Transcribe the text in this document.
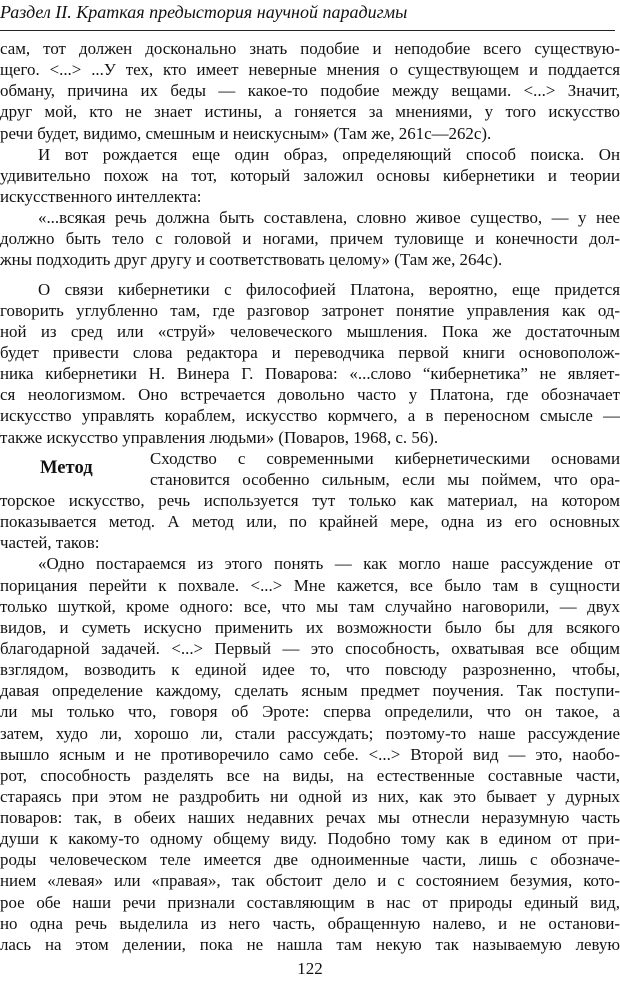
Раздел II. Краткая предыстория научной парадигмы
сам, тот должен досконально знать подобие и неподобие всего существую-
щего. <...> ...У тех, кто имеет неверные мнения о существующем и поддается
обману, причина их беды — какое-то подобие между вещами. <...> Значит,
друг мой, кто не знает истины, а гоняется за мнениями, у того искусство
речи будет, видимо, смешным и неискусным» (Там же, 261с—262с).
И вот рождается еще один образ, определяющий способ поиска. Он
удивительно похож на тот, который заложил основы кибернетики и теории
искусственного интеллекта:
«...всякая речь должна быть составлена, словно живое существо, — у нее
должно быть тело с головой и ногами, причем туловище и конечности дол-
жны подходить друг другу и соответствовать целому» (Там же, 264с).
О связи кибернетики с философией Платона, вероятно, еще придется
говорить углубленно там, где разговор затронет понятие управления как од-
ной из сред или «струй» человеческого мышления. Пока же достаточным
будет привести слова редактора и переводчика первой книги основополож-
ника кибернетики Н. Винера Г. Поварова: «...слово “кибернетика” не являет-
ся неологизмом. Оно встречается довольно часто у Платона, где обозначает
искусство управлять кораблем, искусство кормчего, а в переносном смысле —
также искусство управления людьми» (Поваров, 1968, с. 56).
Метод	Сходство с современными кибернетическими основами
становится особенно сильным, если мы поймем, что ора-
торское искусство, речь используется тут только как материал, на котором
показывается метод. А метод или, по крайней мере, одна из его основных
частей, таков:
«Одно постараемся из этого понять — как могло наше рассуждение от
порицания перейти к похвале. <...> Мне кажется, все было там в сущности
только шуткой, кроме одного: все, что мы там случайно наговорили, — двух
видов, и суметь искусно применить их возможности было бы для всякого
благодарной задачей. <...> Первый — это способность, охватывая все общим
взглядом, возводить к единой идее то, что повсюду разрозненно, чтобы,
давая определение каждому, сделать ясным предмет поучения. Так поступи-
ли мы только что, говоря об Эроте: сперва определили, что он такое, а
затем, худо ли, хорошо ли, стали рассуждать; поэтому-то наше рассуждение
вышло ясным и не противоречило само себе. <...> Второй вид — это, наобо-
рот, способность разделять все на виды, на естественные составные части,
стараясь при этом не раздробить ни одной из них, как это бывает у дурных
поваров: так, в обеих наших недавних речах мы отнесли неразумную часть
души к какому-то одному общему виду. Подобно тому как в едином от при-
роды человеческом теле имеется две одноименные части, лишь с обозначе-
нием «левая» или «правая», так обстоит дело и с состоянием безумия, кото-
рое обе наши речи признали составляющим в нас от природы единый вид,
но одна речь выделила из него часть, обращенную налево, и не останови-
лась на этом делении, пока не нашла там некую так называемую левую
122
